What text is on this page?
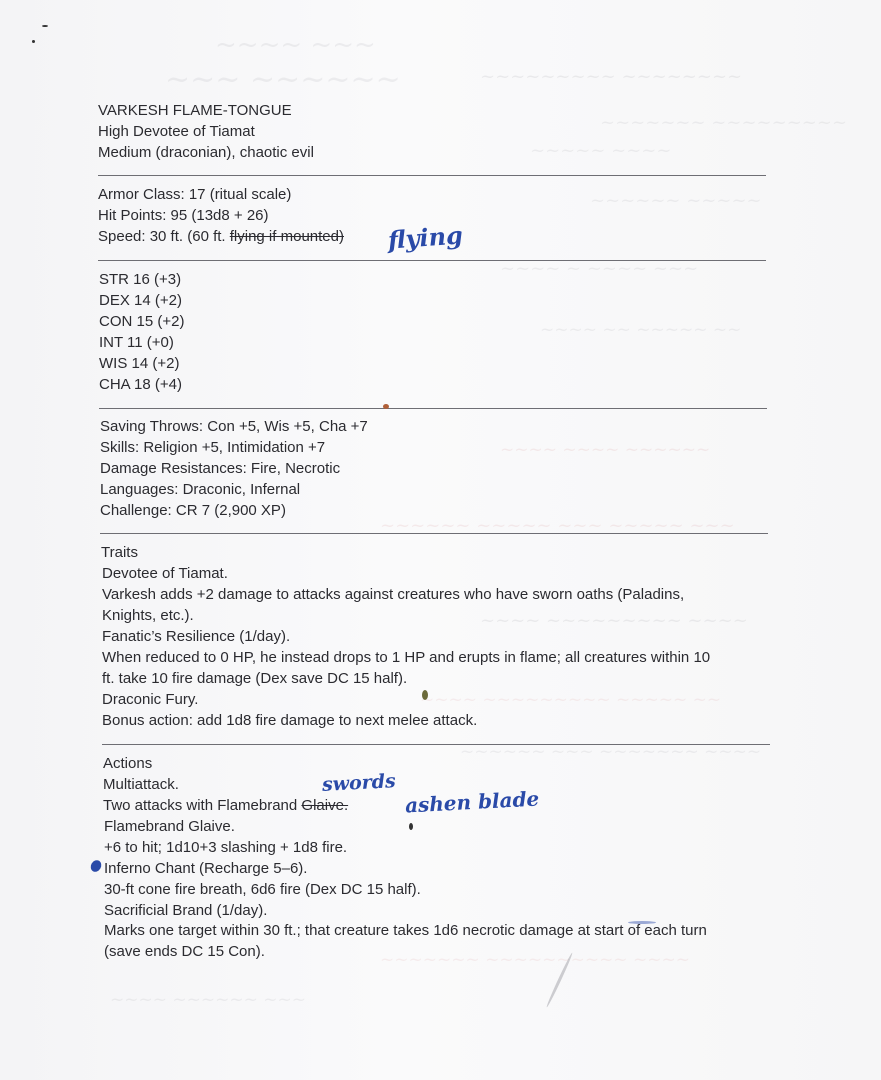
~~~~ ~~~
~~~ ~~~~~~	~~~~~~~~~ ~~~~~~~~
~~~~~~~ ~~~~~~~~~
~~~~~ ~~~~
~~~~~~ ~~~~~
~~~~ ~ ~~~~ ~~~
~~~~ ~~ ~~~~~ ~~
~~~~ ~~~~ ~~~~~~
~~~~~~ ~~~~~ ~~~ ~~~~~ ~~~
~~~~ ~~~~~~~~~ ~~~~
~~~~ ~~~~~~~~~ ~~~~~ ~~
~~~~~~ ~~~ ~~~~~~~ ~~~~
~~~~~~~ ~~~~~~~~~~ ~~~~
~~~~ ~~~~~~ ~~~
VARKESH FLAME-TONGUE
High Devotee of Tiamat
Medium (draconian), chaotic evil
Armor Class: 17 (ritual scale)
Hit Points: 95 (13d8 + 26)
Speed: 30 ft. (60 ft. flying if mounted) flying
STR 16 (+3)
DEX 14 (+2)
CON 15 (+2)
INT 11 (+0)
WIS 14 (+2)
CHA 18 (+4)
Saving Throws: Con +5, Wis +5, Cha +7
Skills: Religion +5, Intimidation +7
Damage Resistances: Fire, Necrotic
Languages: Draconic, Infernal
Challenge: CR 7 (2,900 XP)
Traits
Devotee of Tiamat.
Varkesh adds +2 damage to attacks against creatures who have sworn oaths (Paladins,
Knights, etc.).
Fanatic’s Resilience (1/day).
When reduced to 0 HP, he instead drops to 1 HP and erupts in flame; all creatures within 10
ft. take 10 fire damage (Dex save DC 15 half).
Draconic Fury.
Bonus action: add 1d8 fire damage to next melee attack.
Actions
Multiattack.
Two attacks with Flamebrand Glaive.
swords
ashen blade
Flamebrand Glaive.
+6 to hit; 1d10+3 slashing + 1d8 fire.
Inferno Chant (Recharge 5–6).
30-ft cone fire breath, 6d6 fire (Dex DC 15 half).
Sacrificial Brand (1/day).
Marks one target within 30 ft.; that creature takes 1d6 necrotic damage at start of each turn
(save ends DC 15 Con).
